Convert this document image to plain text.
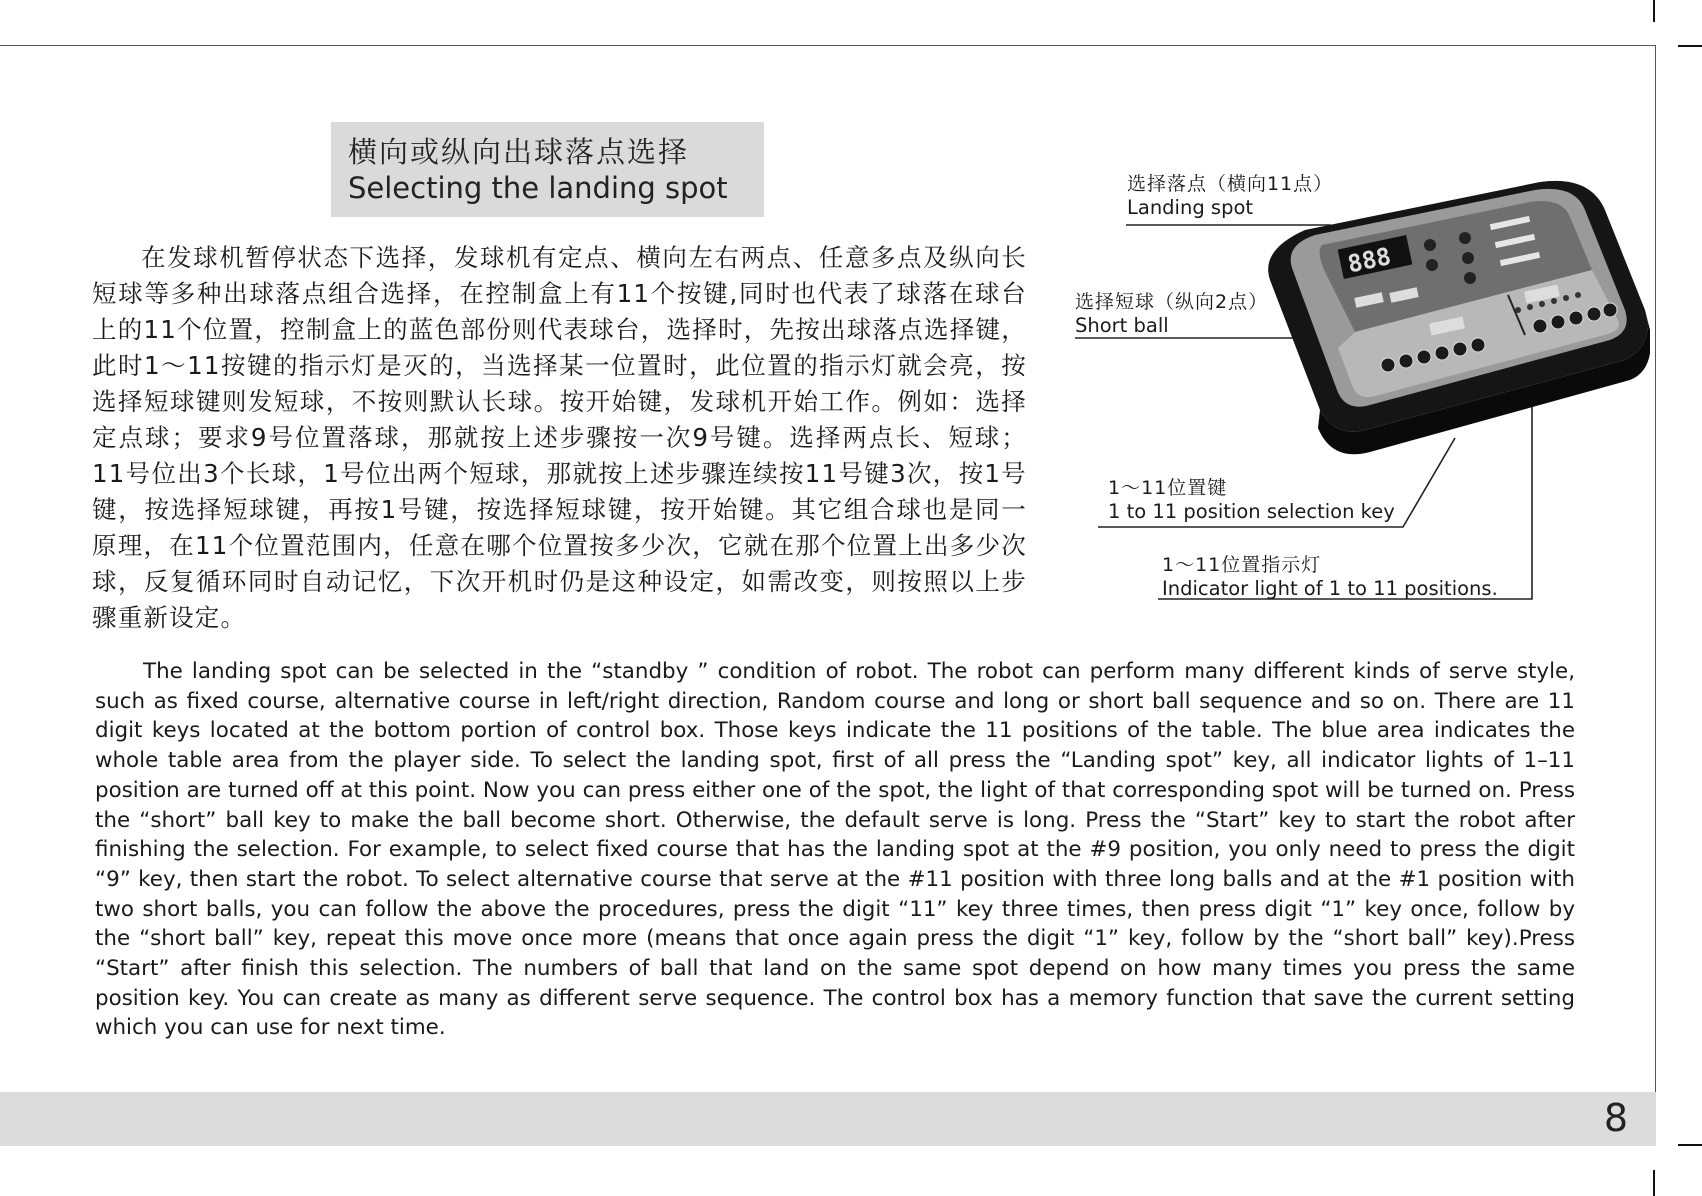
8
横向或纵向出球落点选择
Selecting the landing spot
在发球机暂停状态下选择，发球机有定点、横向左右两点、任意多点及纵向长短球等多种出球落点组合选择，在控制盒上有11个按键,同时也代表了球落在球台上的11个位置，控制盒上的蓝色部份则代表球台，选择时，先按出球落点选择键，此时1～11按键的指示灯是灭的，当选择某一位置时，此位置的指示灯就会亮，按选择短球键则发短球，不按则默认长球。按开始键，发球机开始工作。例如：选择定点球；要求9号位置落球，那就按上述步骤按一次9号键。选择两点长、短球；11号位出3个长球，1号位出两个短球，那就按上述步骤连续按11号键3次，按1号键，按选择短球键，再按1号键，按选择短球键，按开始键。其它组合球也是同一原理，在11个位置范围内，任意在哪个位置按多少次，它就在那个位置上出多少次球，反复循环同时自动记忆，下次开机时仍是这种设定，如需改变，则按照以上步骤重新设定。
The landing spot can be selected in the “standby ” condition of robot. The robot can perform many different kinds of serve style, such as fixed course, alternative course in left/right direction, Random course and long or short ball sequence and so on. There are 11 digit keys located at the bottom portion of control box. Those keys indicate the 11 positions of the table. The blue area indicates the whole table area from the player side. To select the landing spot, first of all press the “Landing spot” key, all indicator lights of 1–11 position are turned off at this point. Now you can press either one of the spot, the light of that corresponding spot will be turned on. Press the “short” ball key to make the ball become short. Otherwise, the default serve is long. Press the “Start” key to start the robot after finishing the selection. For example, to select fixed course that has the landing spot at the #9 position, you only need to press the digit “9” key, then start the robot. To select alternative course that serve at the #11 position with three long balls and at the #1 position with two short balls, you can follow the above the procedures, press the digit “11” key three times, then press digit “1” key once, follow by the “short ball” key, repeat this move once more (means that once again press the digit “1” key, follow by the “short ball” key).Press “Start” after finish this selection. The numbers of ball that land on the same spot depend on how many times you press the same position key. You can create as many as different serve sequence. The control box has a memory function that save the current setting which you can use for next time.
选择落点（横向11点）
Landing spot
选择短球（纵向2点）
Short ball
1～11位置键
1 to 11 position selection key
1～11位置指示灯
Indicator light of 1 to 11 positions.
888
